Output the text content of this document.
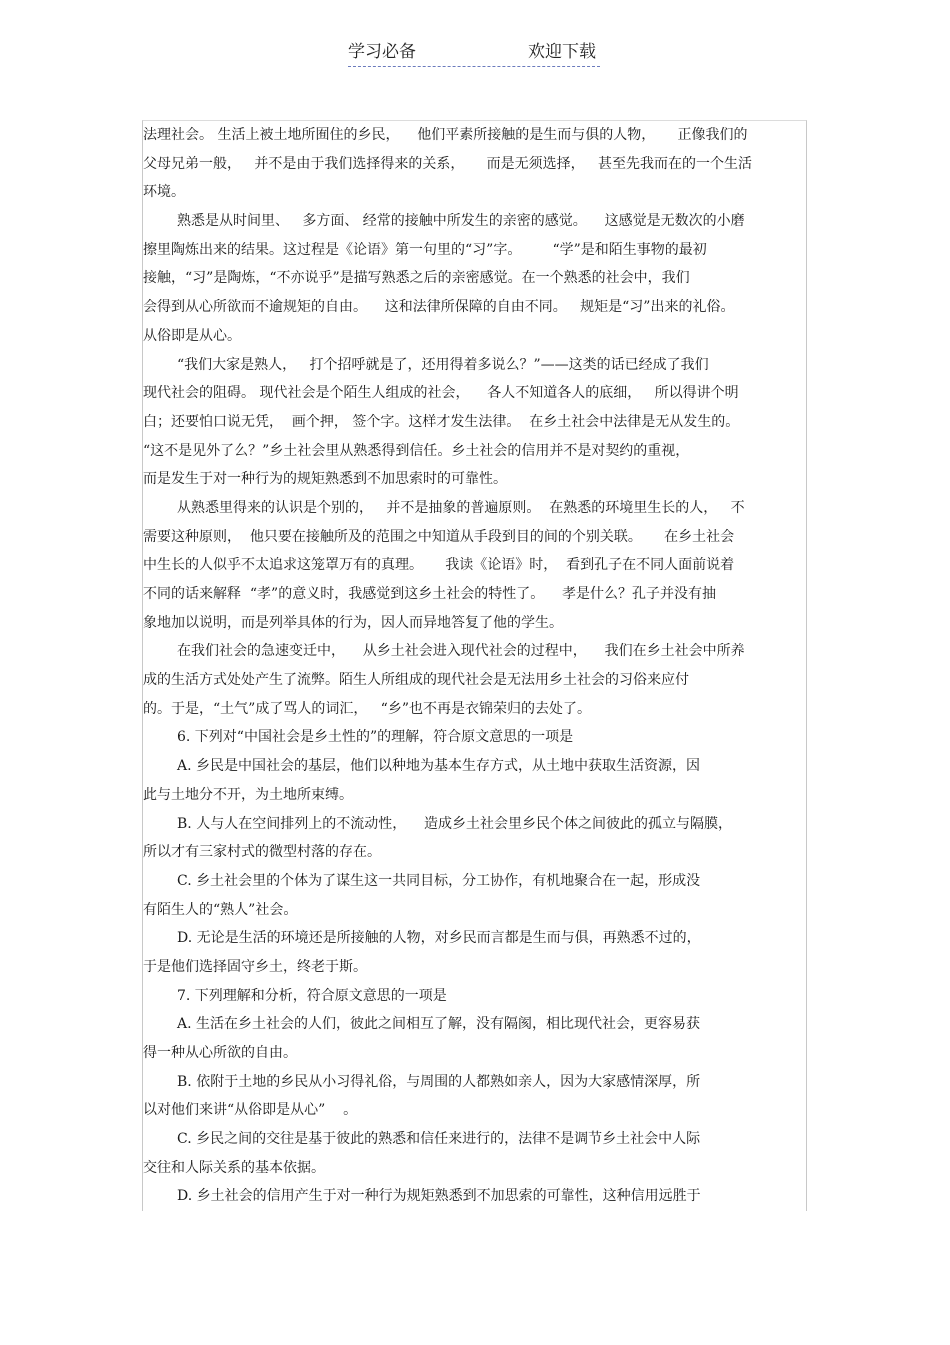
学习必备	欢迎下载
法理社会。 生活上被土地所囿住的乡民，    他们平素所接触的是生而与俱的人物，     正像我们的
父母兄弟一般，   并不是由于我们选择得来的关系，     而是无须选择，   甚至先我而在的一个生活
环境。
熟悉是从时间里、   多方面、 经常的接触中所发生的亲密的感觉。    这感觉是无数次的小磨
擦里陶炼出来的结果。这过程是《论语》第一句里的“习”字。       “学”是和陌生事物的最初
接触，“习”是陶炼，“不亦说乎”是描写熟悉之后的亲密感觉。在一个熟悉的社会中，我们
会得到从心所欲而不逾规矩的自由。    这和法律所保障的自由不同。   规矩是“习”出来的礼俗。
从俗即是从心。
“我们大家是熟人，   打个招呼就是了，还用得着多说么？”——这类的话已经成了我们
现代社会的阻碍。 现代社会是个陌生人组成的社会，    各人不知道各人的底细，   所以得讲个明
白；还要怕口说无凭，  画个押， 签个字。这样才发生法律。  在乡土社会中法律是无从发生的。
“这不是见外了么？”乡土社会里从熟悉得到信任。乡土社会的信用并不是对契约的重视，
而是发生于对一种行为的规矩熟悉到不加思索时的可靠性。
从熟悉里得来的认识是个别的，   并不是抽象的普遍原则。  在熟悉的环境里生长的人，   不
需要这种原则，  他只要在接触所及的范围之中知道从手段到目的间的个别关联。     在乡土社会
中生长的人似乎不太追求这笼罩万有的真理。     我读《论语》时，  看到孔子在不同人面前说着
不同的话来解释  “孝”的意义时，我感觉到这乡土社会的特性了。    孝是什么？孔子并没有抽
象地加以说明，而是列举具体的行为，因人而异地答复了他的学生。
在我们社会的急速变迁中，    从乡土社会进入现代社会的过程中，    我们在乡土社会中所养
成的生活方式处处产生了流弊。陌生人所组成的现代社会是无法用乡土社会的习俗来应付
的。于是，“土气”成了骂人的词汇，   “乡”也不再是衣锦荣归的去处了。
6. 下列对“中国社会是乡土性的”的理解，符合原文意思的一项是
A. 乡民是中国社会的基层，他们以种地为基本生存方式，从土地中获取生活资源，因
此与土地分不开，为土地所束缚。
B. 人与人在空间排列上的不流动性，    造成乡土社会里乡民个体之间彼此的孤立与隔膜，
所以才有三家村式的微型村落的存在。
C. 乡土社会里的个体为了谋生这一共同目标，分工协作，有机地聚合在一起，形成没
有陌生人的“熟人”社会。
D. 无论是生活的环境还是所接触的人物，对乡民而言都是生而与俱，再熟悉不过的，
于是他们选择固守乡土，终老于斯。
7. 下列理解和分析，符合原文意思的一项是
A. 生活在乡土社会的人们，彼此之间相互了解，没有隔阂，相比现代社会，更容易获
得一种从心所欲的自由。
B. 依附于土地的乡民从小习得礼俗，与周围的人都熟如亲人，因为大家感情深厚，所
以对他们来讲“从俗即是从心”    。
C. 乡民之间的交往是基于彼此的熟悉和信任来进行的，法律不是调节乡土社会中人际
交往和人际关系的基本依据。
D. 乡土社会的信用产生于对一种行为规矩熟悉到不加思索的可靠性，这种信用远胜于
